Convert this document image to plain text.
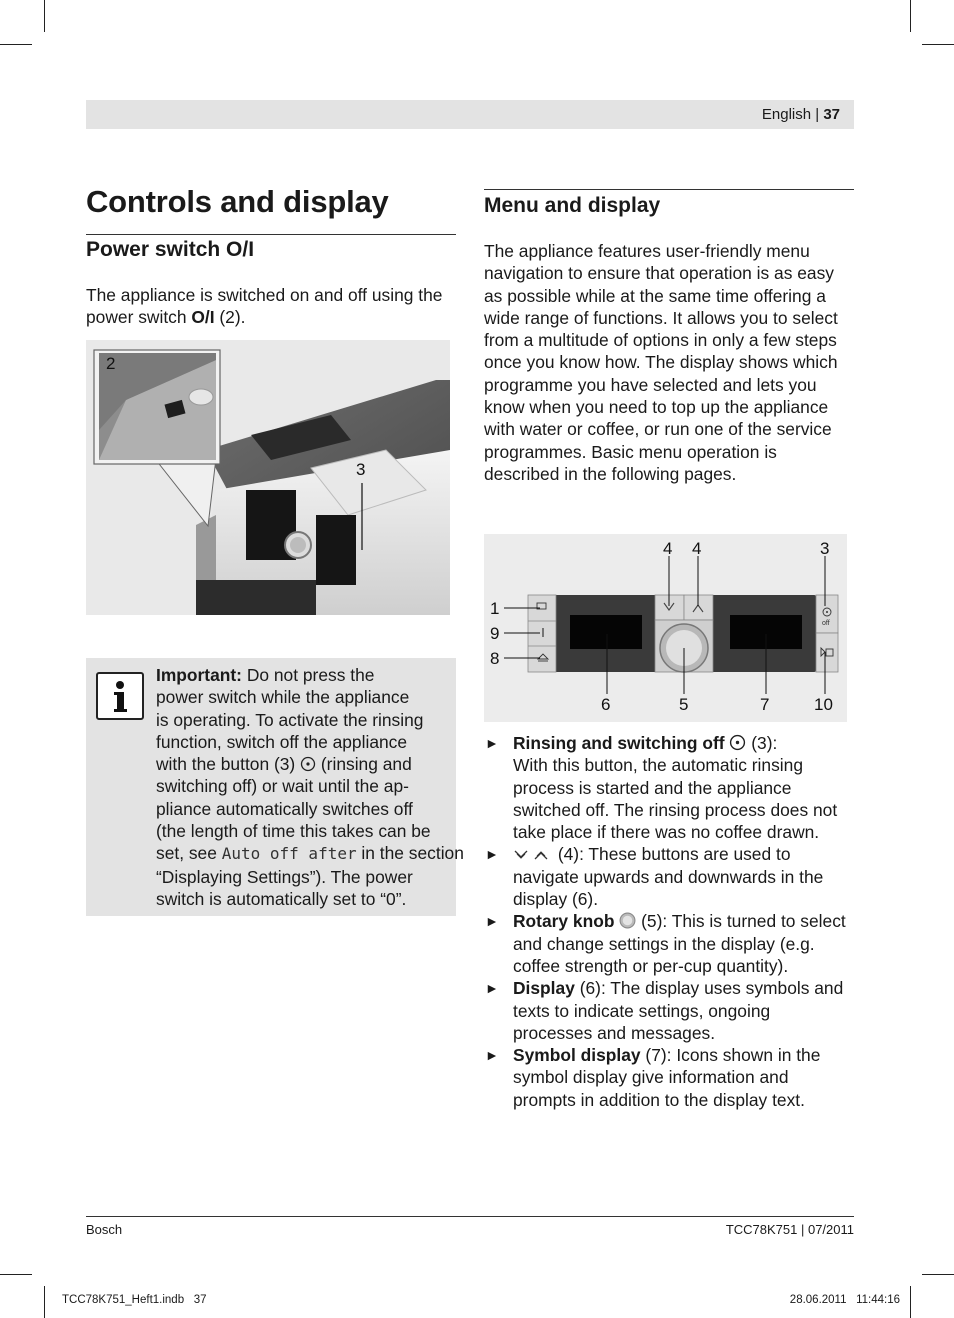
English | 37
Controls and display
Power switch O/I
The appliance is switched on and off using the power switch O/I (2).
2
3
Important: Do not press the
power switch while the appliance
is operating. To activate the rinsing
function, switch off the appliance
with the button (3)  (rinsing and
switching off) or wait until the ap-
pliance automatically switches off
(the length of time this takes can be
set, see Auto off after in the section
“Displaying Settings”). The power
switch is automatically set to “0”.
Menu and display
The appliance features user-friendly menu navigation to ensure that operation is as easy as possible while at the same time offering a wide range of functions. It allows you to select from a multitude of options in only a few steps once you know how. The display shows which programme you have selected and lets you know when you need to top up the appliance with water or coffee, or run one of the service programmes. Basic menu operation is described in the following pages.
off
4 4	3
1
9
8
6	5	7	10
► Rinsing and switching off  (3):
With this button, the automatic rinsing process is started and the appliance switched off. The rinsing process does not take place if there was no coffee drawn.
►	(4): These buttons are used to navigate upwards and downwards in the display (6).
► Rotary knob  (5): This is turned to select and change settings in the display (e.g. coffee strength or per-cup quantity).
► Display (6): The display uses symbols and texts to indicate settings, ongoing processes and messages.
► Symbol display (7): Icons shown in the symbol display give information and prompts in addition to the display text.
Bosch	TCC78K751 | 07/2011
TCC78K751_Heft1.indb   37	28.06.2011   11:44:16
